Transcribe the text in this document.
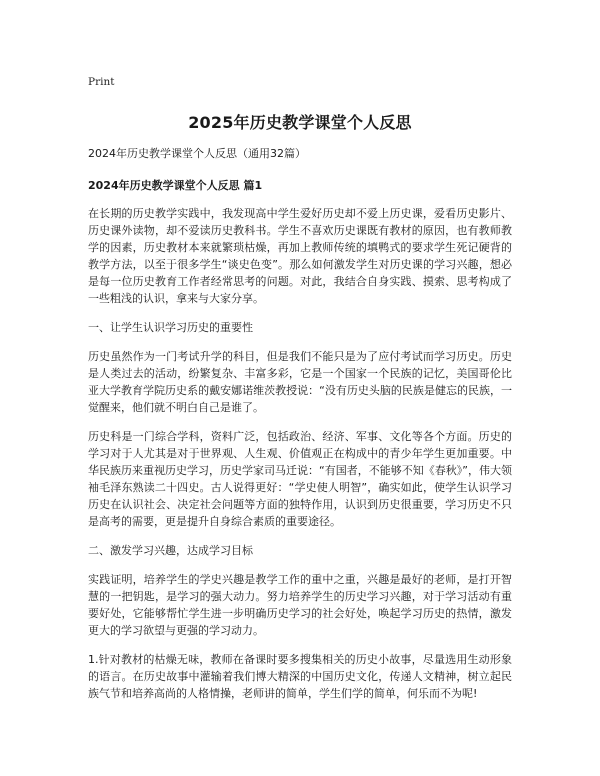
Print
2025年历史教学课堂个人反思
2024年历史教学课堂个人反思（通用32篇）
2024年历史教学课堂个人反思 篇1

在长期的历史教学实践中，我发现高中学生爱好历史却不爱上历史课，爱看历史影片、历史课外读物，却不爱读历史教科书。学生不喜欢历史课既有教材的原因，也有教师教学的因素，历史教材本来就繁琐枯燥，再加上教师传统的填鸭式的要求学生死记硬背的教学方法，以至于很多学生“谈史色变”。那么如何激发学生对历史课的学习兴趣，想必是每一位历史教育工作者经常思考的问题。对此，我结合自身实践、摸索、思考构成了一些粗浅的认识，拿来与大家分享。

一、让学生认识学习历史的重要性

历史虽然作为一门考试升学的科目，但是我们不能只是为了应付考试而学习历史。历史是人类过去的活动，纷繁复杂、丰富多彩，它是一个国家一个民族的记忆，美国哥伦比亚大学教育学院历史系的戴安娜诺维茨教授说：“没有历史头脑的民族是健忘的民族，一觉醒来，他们就不明白自己是谁了。

历史科是一门综合学科，资料广泛，包括政治、经济、军事、文化等各个方面。历史的学习对于人尤其是对于世界观、人生观、价值观正在构成中的青少年学生更加重要。中华民族历来重视历史学习，历史学家司马迁说：“有国者，不能够不知《春秋》”，伟大领袖毛泽东熟读二十四史。古人说得更好：“学史使人明智”，确实如此，使学生认识学习历史在认识社会、决定社会问题等方面的独特作用，认识到历史很重要，学习历史不只是高考的需要，更是提升自身综合素质的重要途径。

二、激发学习兴趣，达成学习目标

实践证明，培养学生的学史兴趣是教学工作的重中之重，兴趣是最好的老师，是打开智慧的一把钥匙，是学习的强大动力。努力培养学生的历史学习兴趣，对于学习活动有重要好处，它能够帮忙学生进一步明确历史学习的社会好处，唤起学习历史的热情，激发更大的学习欲望与更强的学习动力。

1.针对教材的枯燥无味，教师在备课时要多搜集相关的历史小故事，尽量选用生动形象的语言。在历史故事中灌输着我们博大精深的中国历史文化，传递人文精神，树立起民族气节和培养高尚的人格情操，老师讲的简单，学生们学的简单，何乐而不为呢!
